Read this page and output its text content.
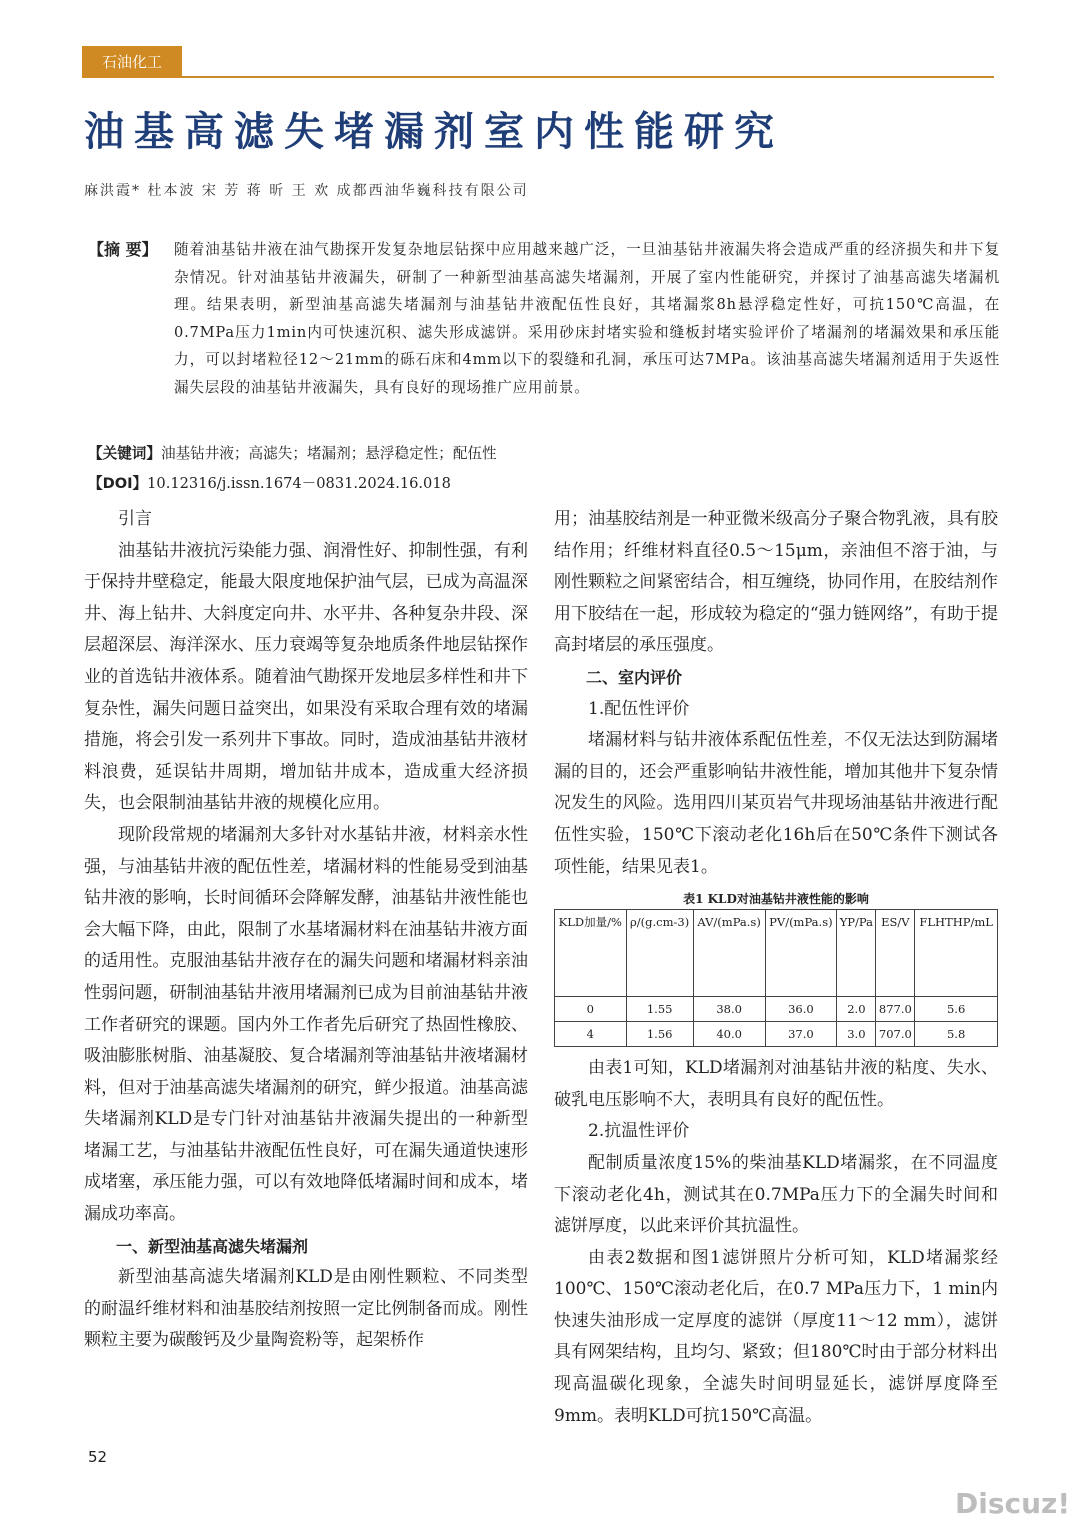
石油化工
油基高滤失堵漏剂室内性能研究
麻洪霞* 杜本波 宋 芳 蒋 昕 王 欢 成都西油华巍科技有限公司
【摘 要】 随着油基钻井液在油气勘探开发复杂地层钻探中应用越来越广泛，一旦油基钻井液漏失将会造成严重的经济损失和井下复杂情况。针对油基钻井液漏失，研制了一种新型油基高滤失堵漏剂，开展了室内性能研究，并探讨了油基高滤失堵漏机理。结果表明，新型油基高滤失堵漏剂与油基钻井液配伍性良好，其堵漏浆8h悬浮稳定性好，可抗150℃高温，在0.7MPa压力1min内可快速沉积、滤失形成滤饼。采用砂床封堵实验和缝板封堵实验评价了堵漏剂的堵漏效果和承压能力，可以封堵粒径12～21mm的砾石床和4mm以下的裂缝和孔洞，承压可达7MPa。该油基高滤失堵漏剂适用于失返性漏失层段的油基钻井液漏失，具有良好的现场推广应用前景。
【关键词】油基钻井液；高滤失；堵漏剂；悬浮稳定性；配伍性
【DOI】10.12316/j.issn.1674－0831.2024.16.018

引言

油基钻井液抗污染能力强、润滑性好、抑制性强，有利于保持井壁稳定，能最大限度地保护油气层，已成为高温深井、海上钻井、大斜度定向井、水平井、各种复杂井段、深层超深层、海洋深水、压力衰竭等复杂地质条件地层钻探作业的首选钻井液体系。随着油气勘探开发地层多样性和井下复杂性，漏失问题日益突出，如果没有采取合理有效的堵漏措施，将会引发一系列井下事故。同时，造成油基钻井液材料浪费，延误钻井周期，增加钻井成本，造成重大经济损失，也会限制油基钻井液的规模化应用。

现阶段常规的堵漏剂大多针对水基钻井液，材料亲水性强，与油基钻井液的配伍性差，堵漏材料的性能易受到油基钻井液的影响，长时间循环会降解发酵，油基钻井液性能也会大幅下降，由此，限制了水基堵漏材料在油基钻井液方面的适用性。克服油基钻井液存在的漏失问题和堵漏材料亲油性弱问题，研制油基钻井液用堵漏剂已成为目前油基钻井液工作者研究的课题。国内外工作者先后研究了热固性橡胶、吸油膨胀树脂、油基凝胶、复合堵漏剂等油基钻井液堵漏材料，但对于油基高滤失堵漏剂的研究，鲜少报道。油基高滤失堵漏剂KLD是专门针对油基钻井液漏失提出的一种新型堵漏工艺，与油基钻井液配伍性良好，可在漏失通道快速形成堵塞，承压能力强，可以有效地降低堵漏时间和成本，堵漏成功率高。

一、新型油基高滤失堵漏剂

新型油基高滤失堵漏剂KLD是由刚性颗粒、不同类型的耐温纤维材料和油基胶结剂按照一定比例制备而成。刚性颗粒主要为碳酸钙及少量陶瓷粉等，起架桥作

用；油基胶结剂是一种亚微米级高分子聚合物乳液，具有胶结作用；纤维材料直径0.5～15μm，亲油但不溶于油，与刚性颗粒之间紧密结合，相互缠绕，协同作用，在胶结剂作用下胶结在一起，形成较为稳定的“强力链网络”，有助于提高封堵层的承压强度。

二、室内评价

1.配伍性评价

堵漏材料与钻井液体系配伍性差，不仅无法达到防漏堵漏的目的，还会严重影响钻井液性能，增加其他井下复杂情况发生的风险。选用四川某页岩气井现场油基钻井液进行配伍性实验，150℃下滚动老化16h后在50℃条件下测试各项性能，结果见表1。

表1 KLD对油基钻井液性能的影响
KLD加量/%	ρ/(g.cm-3)	AV/(mPa.s)	PV/(mPa.s)	YP/Pa	ES/V	FLHTHP/mL
0	1.55	38.0	36.0	2.0	877.0	5.6
4	1.56	40.0	37.0	3.0	707.0	5.8

由表1可知，KLD堵漏剂对油基钻井液的粘度、失水、破乳电压影响不大，表明具有良好的配伍性。

2.抗温性评价

配制质量浓度15%的柴油基KLD堵漏浆，在不同温度下滚动老化4h，测试其在0.7MPa压力下的全漏失时间和滤饼厚度，以此来评价其抗温性。

由表2数据和图1滤饼照片分析可知，KLD堵漏浆经100℃、150℃滚动老化后，在0.7 MPa压力下，1 min内快速失油形成一定厚度的滤饼（厚度11～12 mm），滤饼具有网架结构，且均匀、紧致；但180℃时由于部分材料出现高温碳化现象，全滤失时间明显延长，滤饼厚度降至9mm。表明KLD可抗150℃高温。

52
Discuz!
